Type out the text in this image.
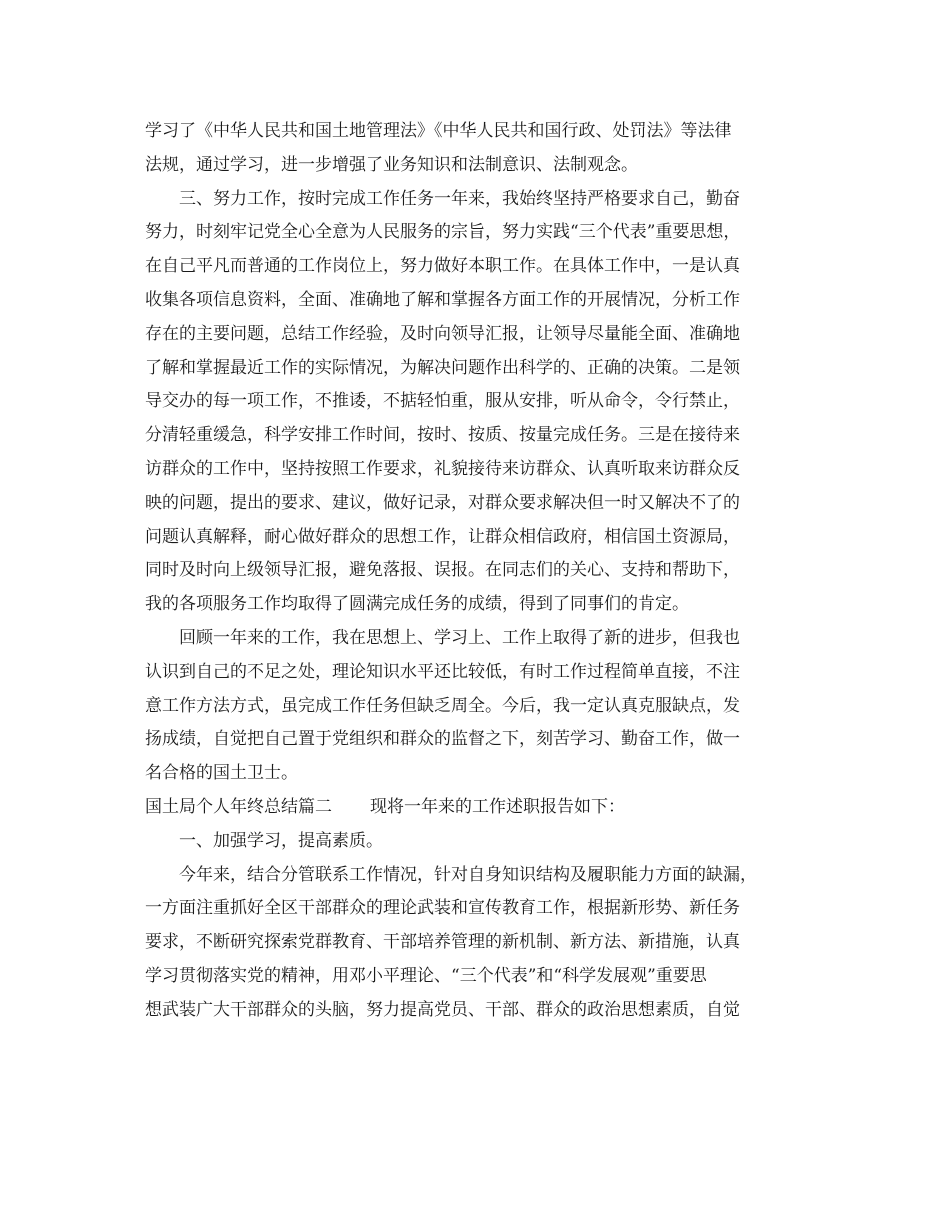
学习了《中华人民共和国土地管理法》《中华人民共和国行政、处罚法》等法律
法规，通过学习，进一步增强了业务知识和法制意识、法制观念。
三、努力工作，按时完成工作任务一年来，我始终坚持严格要求自己，勤奋
努力，时刻牢记党全心全意为人民服务的宗旨，努力实践“三个代表”重要思想，
在自己平凡而普通的工作岗位上，努力做好本职工作。在具体工作中，一是认真
收集各项信息资料，全面、准确地了解和掌握各方面工作的开展情况，分析工作
存在的主要问题，总结工作经验，及时向领导汇报，让领导尽量能全面、准确地
了解和掌握最近工作的实际情况，为解决问题作出科学的、正确的决策。二是领
导交办的每一项工作，不推诿，不掂轻怕重，服从安排，听从命令，令行禁止，
分清轻重缓急，科学安排工作时间，按时、按质、按量完成任务。三是在接待来
访群众的工作中，坚持按照工作要求，礼貌接待来访群众、认真听取来访群众反
映的问题，提出的要求、建议，做好记录，对群众要求解决但一时又解决不了的
问题认真解释，耐心做好群众的思想工作，让群众相信政府，相信国土资源局，
同时及时向上级领导汇报，避免落报、误报。在同志们的关心、支持和帮助下，
我的各项服务工作均取得了圆满完成任务的成绩，得到了同事们的肯定。
回顾一年来的工作，我在思想上、学习上、工作上取得了新的进步，但我也
认识到自己的不足之处，理论知识水平还比较低，有时工作过程简单直接，不注
意工作方法方式，虽完成工作任务但缺乏周全。今后，我一定认真克服缺点，发
扬成绩，自觉把自己置于党组织和群众的监督之下，刻苦学习、勤奋工作，做一
名合格的国土卫士。
国土局个人年终总结篇二 现将一年来的工作述职报告如下：
一、加强学习，提高素质。
今年来，结合分管联系工作情况，针对自身知识结构及履职能力方面的缺漏，
一方面注重抓好全区干部群众的理论武装和宣传教育工作，根据新形势、新任务
要求，不断研究探索党群教育、干部培养管理的新机制、新方法、新措施，认真
学习贯彻落实党的精神，用邓小平理论、“三个代表”和“科学发展观”重要思
想武装广大干部群众的头脑，努力提高党员、干部、群众的政治思想素质，自觉
